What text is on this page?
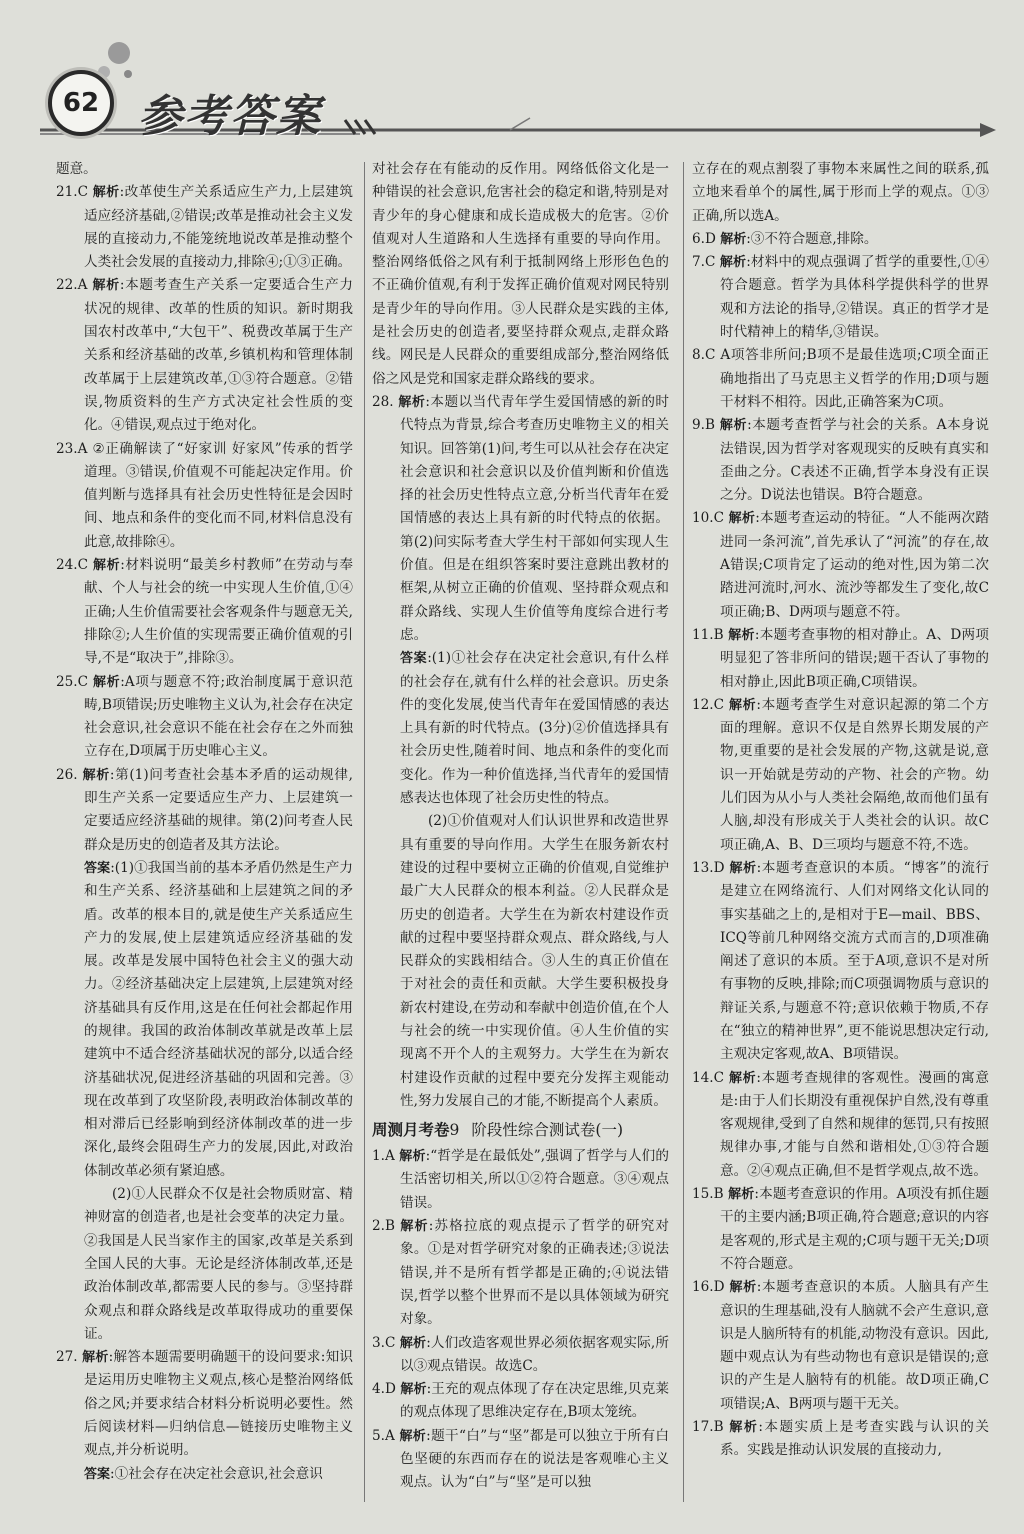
62 参考答案

题意。

21.C 解析:改革使生产关系适应生产力,上层建筑适应经济基础,②错误;改革是推动社会主义发展的直接动力,不能笼统地说改革是推动整个人类社会发展的直接动力,排除④;①③正确。

22.A 解析:本题考查生产关系一定要适合生产力状况的规律、改革的性质的知识。新时期我国农村改革中,“大包干”、税费改革属于生产关系和经济基础的改革,乡镇机构和管理体制改革属于上层建筑改革,①③符合题意。②错误,物质资料的生产方式决定社会性质的变化。④错误,观点过于绝对化。

23.A ②正确解读了“好家训 好家风”传承的哲学道理。③错误,价值观不可能起决定作用。价值判断与选择具有社会历史性特征是会因时间、地点和条件的变化而不同,材料信息没有此意,故排除④。

24.C 解析:材料说明“最美乡村教师”在劳动与奉献、个人与社会的统一中实现人生价值,①④正确;人生价值需要社会客观条件与题意无关,排除②;人生价值的实现需要正确价值观的引导,不是“取决于”,排除③。

25.C 解析:A项与题意不符;政治制度属于意识范畴,B项错误;历史唯物主义认为,社会存在决定社会意识,社会意识不能在社会存在之外而独立存在,D项属于历史唯心主义。

26. 解析:第(1)问考查社会基本矛盾的运动规律,即生产关系一定要适应生产力、上层建筑一定要适应经济基础的规律。第(2)问考查人民群众是历史的创造者及其方法论。

答案:(1)①我国当前的基本矛盾仍然是生产力和生产关系、经济基础和上层建筑之间的矛盾。改革的根本目的,就是使生产关系适应生产力的发展,使上层建筑适应经济基础的发展。改革是发展中国特色社会主义的强大动力。②经济基础决定上层建筑,上层建筑对经济基础具有反作用,这是在任何社会都起作用的规律。我国的政治体制改革就是改革上层建筑中不适合经济基础状况的部分,以适合经济基础状况,促进经济基础的巩固和完善。③现在改革到了攻坚阶段,表明政治体制改革的相对滞后已经影响到经济体制改革的进一步深化,最终会阻碍生产力的发展,因此,对政治体制改革必须有紧迫感。

(2)①人民群众不仅是社会物质财富、精神财富的创造者,也是社会变革的决定力量。②我国是人民当家作主的国家,改革是关系到全国人民的大事。无论是经济体制改革,还是政治体制改革,都需要人民的参与。③坚持群众观点和群众路线是改革取得成功的重要保证。

27. 解析:解答本题需要明确题干的设问要求:知识是运用历史唯物主义观点,核心是整治网络低俗之风;并要求结合材料分析说明必要性。然后阅读材料—归纳信息—链接历史唯物主义观点,并分析说明。

答案:①社会存在决定社会意识,社会意识

对社会存在有能动的反作用。网络低俗文化是一种错误的社会意识,危害社会的稳定和谐,特别是对青少年的身心健康和成长造成极大的危害。②价值观对人生道路和人生选择有重要的导向作用。整治网络低俗之风有利于抵制网络上形形色色的不正确价值观,有利于发挥正确价值观对网民特别是青少年的导向作用。③人民群众是实践的主体,是社会历史的创造者,要坚持群众观点,走群众路线。网民是人民群众的重要组成部分,整治网络低俗之风是党和国家走群众路线的要求。

28. 解析:本题以当代青年学生爱国情感的新的时代特点为背景,综合考查历史唯物主义的相关知识。回答第(1)问,考生可以从社会存在决定社会意识和社会意识以及价值判断和价值选择的社会历史性特点立意,分析当代青年在爱国情感的表达上具有新的时代特点的依据。第(2)问实际考查大学生村干部如何实现人生价值。但是在组织答案时要注意跳出教材的框架,从树立正确的价值观、坚持群众观点和群众路线、实现人生价值等角度综合进行考虑。

答案:(1)①社会存在决定社会意识,有什么样的社会存在,就有什么样的社会意识。历史条件的变化发展,使当代青年在爱国情感的表达上具有新的时代特点。(3分)②价值选择具有社会历史性,随着时间、地点和条件的变化而变化。作为一种价值选择,当代青年的爱国情感表达也体现了社会历史性的特点。

(2)①价值观对人们认识世界和改造世界具有重要的导向作用。大学生在服务新农村建设的过程中要树立正确的价值观,自觉维护最广大人民群众的根本利益。②人民群众是历史的创造者。大学生在为新农村建设作贡献的过程中要坚持群众观点、群众路线,与人民群众的实践相结合。③人生的真正价值在于对社会的责任和贡献。大学生要积极投身新农村建设,在劳动和奉献中创造价值,在个人与社会的统一中实现价值。④人生价值的实现离不开个人的主观努力。大学生在为新农村建设作贡献的过程中要充分发挥主观能动性,努力发展自己的才能,不断提高个人素质。

周测月考卷9 阶段性综合测试卷(一)

1.A 解析:“哲学是在最低处”,强调了哲学与人们的生活密切相关,所以①②符合题意。③④观点错误。

2.B 解析:苏格拉底的观点提示了哲学的研究对象。①是对哲学研究对象的正确表述;③说法错误,并不是所有哲学都是正确的;④说法错误,哲学以整个世界而不是以具体领域为研究对象。

3.C 解析:人们改造客观世界必须依据客观实际,所以③观点错误。故选C。

4.D 解析:王充的观点体现了存在决定思维,贝克莱的观点体现了思维决定存在,B项太笼统。

5.A 解析:题干“白”与“坚”都是可以独立于所有白色坚硬的东西而存在的说法是客观唯心主义观点。认为“白”与“坚”是可以独

立存在的观点割裂了事物本来属性之间的联系,孤立地来看单个的属性,属于形而上学的观点。①③正确,所以选A。

6.D 解析:③不符合题意,排除。

7.C 解析:材料中的观点强调了哲学的重要性,①④符合题意。哲学为具体科学提供科学的世界观和方法论的指导,②错误。真正的哲学才是时代精神上的精华,③错误。

8.C A项答非所问;B项不是最佳选项;C项全面正确地指出了马克思主义哲学的作用;D项与题干材料不相符。因此,正确答案为C项。

9.B 解析:本题考查哲学与社会的关系。A本身说法错误,因为哲学对客观现实的反映有真实和歪曲之分。C表述不正确,哲学本身没有正误之分。D说法也错误。B符合题意。

10.C 解析:本题考查运动的特征。“人不能两次踏进同一条河流”,首先承认了“河流”的存在,故A错误;C项肯定了运动的绝对性,因为第二次踏进河流时,河水、流沙等都发生了变化,故C项正确;B、D两项与题意不符。

11.B 解析:本题考查事物的相对静止。A、D两项明显犯了答非所问的错误;题干否认了事物的相对静止,因此B项正确,C项错误。

12.C 解析:本题考查学生对意识起源的第二个方面的理解。意识不仅是自然界长期发展的产物,更重要的是社会发展的产物,这就是说,意识一开始就是劳动的产物、社会的产物。幼儿们因为从小与人类社会隔绝,故而他们虽有人脑,却没有形成关于人类社会的认识。故C项正确,A、B、D三项均与题意不符,不选。

13.D 解析:本题考查意识的本质。“博客”的流行是建立在网络流行、人们对网络文化认同的事实基础之上的,是相对于E—mail、BBS、ICQ等前几种网络交流方式而言的,D项准确阐述了意识的本质。至于A项,意识不是对所有事物的反映,排除;而C项强调物质与意识的辩证关系,与题意不符;意识依赖于物质,不存在“独立的精神世界”,更不能说思想决定行动,主观决定客观,故A、B项错误。

14.C 解析:本题考查规律的客观性。漫画的寓意是:由于人们长期没有重视保护自然,没有尊重客观规律,受到了自然和规律的惩罚,只有按照规律办事,才能与自然和谐相处,①③符合题意。②④观点正确,但不是哲学观点,故不选。

15.B 解析:本题考查意识的作用。A项没有抓住题干的主要内涵;B项正确,符合题意;意识的内容是客观的,形式是主观的;C项与题干无关;D项不符合题意。

16.D 解析:本题考查意识的本质。人脑具有产生意识的生理基础,没有人脑就不会产生意识,意识是人脑所特有的机能,动物没有意识。因此,题中观点认为有些动物也有意识是错误的;意识的产生是人脑特有的机能。故D项正确,C项错误;A、B两项与题干无关。

17.B 解析:本题实质上是考查实践与认识的关系。实践是推动认识发展的直接动力,
